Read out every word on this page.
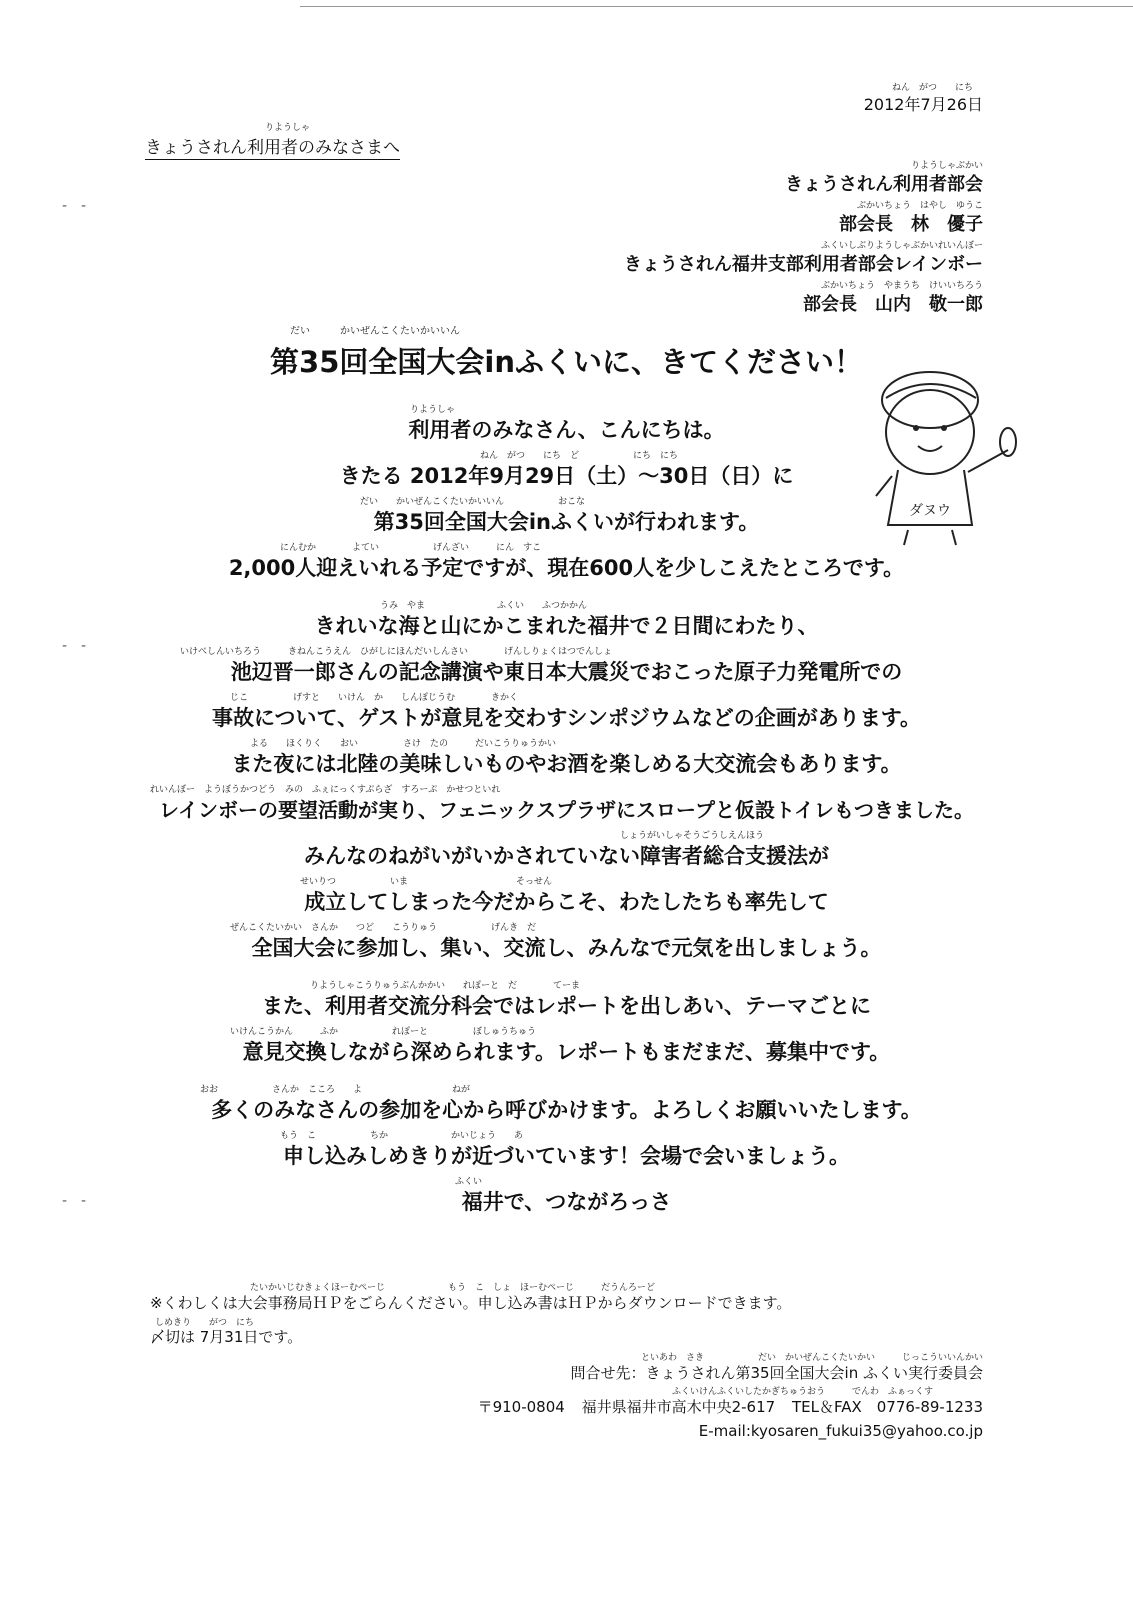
ねん　がつ　　にち
2012年7月26日
りようしゃ
きょうされん利用者のみなさまへ
りようしゃぶかい
きょうされん利用者部会
ぶかいちょう　はやし　ゆうこ
部会長　林　優子
ふくいしぶりようしゃぶかいれいんぼー
きょうされん福井支部利用者部会レインボー
ぶかいちょう　やまうち　けいいちろう
部会長　山内　敬一郎
だい　　　かいぜんこくたいかいいん
第35回全国大会inふくいに、きてください！
ダヌウ
りようしゃ
利用者のみなさん、こんにちは。
ねん　がつ　　にち　ど　　　　　　にち　にち
きたる 2012年9月29日（土）～30日（日）に
だい　　かいぜんこくたいかいいん　　　　　　おこな
第35回全国大会inふくいが行われます。
にんむか　　　　よてい　　　　　　げんざい　　　にん　すこ
2,000人迎えいれる予定ですが、現在600人を少しこえたところです。
うみ　やま　　　　　　　　ふくい　　ふつかかん
きれいな海と山にかこまれた福井で２日間にわたり、
いけべしんいちろう　　　きねんこうえん　ひがしにほんだいしんさい　　　　げんしりょくはつでんしょ
池辺晋一郎さんの記念講演や東日本大震災でおこった原子力発電所での
じこ　　　　　げすと　　いけん　か　　しんぽじうむ　　　　きかく
事故について、ゲストが意見を交わすシンポジウムなどの企画があります。
よる　　ほくりく　　おい　　　　　さけ　たの　　　だいこうりゅうかい
また夜には北陸の美味しいものやお酒を楽しめる大交流会もあります。
れいんぼー　ようぼうかつどう　みの　ふぇにっくすぷらざ　すろーぷ　かせつといれ
レインボーの要望活動が実り、フェニックスプラザにスロープと仮設トイレもつきました。
しょうがいしゃそうごうしえんほう
みんなのねがいがいかされていない障害者総合支援法が
せいりつ　　　　　　いま　　　　　　　　　　　　そっせん
成立してしまった今だからこそ、わたしたちも率先して
ぜんこくたいかい　さんか　　つど　　こうりゅう　　　　　　げんき　だ
全国大会に参加し、集い、交流し、みんなで元気を出しましょう。
りようしゃこうりゅうぶんかかい　　れぽーと　だ　　　　てーま
また、利用者交流分科会ではレポートを出しあい、テーマごとに
いけんこうかん　　　ふか　　　　　　れぽーと　　　　　ぼしゅうちゅう
意見交換しながら深められます。レポートもまだまだ、募集中です。
おお　　　　　　さんか　こころ　　よ　　　　　　　　　　ねが
多くのみなさんの参加を心から呼びかけます。よろしくお願いいたします。
もう　こ　　　　　　ちか　　　　　　　かいじょう　　あ
申し込みしめきりが近づいています！会場で会いましょう。
ふくい
福井で、つながろっさ
たいかいじむきょくほーむぺーじ　　　　　　　もう　こ　しょ　ほーむぺーじ　　　だうんろーど
※くわしくは大会事務局ＨＰをごらんください。申し込み書はＨＰからダウンロードできます。
しめきり　　がつ　にち
〆切は 7月31日です。
といあわ　さき　　　　　　だい　かいぜんこくたいかい　　　じっこういいんかい
問合せ先：きょうされん第35回全国大会in ふくい実行委員会
ふくいけんふくいしたかぎちゅうおう　　　でんわ　ふぁっくす
〒910-0804 福井県福井市高木中央2-617 TEL＆FAX　0776-89-1233
E-mail:kyosaren_fukui35@yahoo.co.jp
-　-
-　-
-　-
